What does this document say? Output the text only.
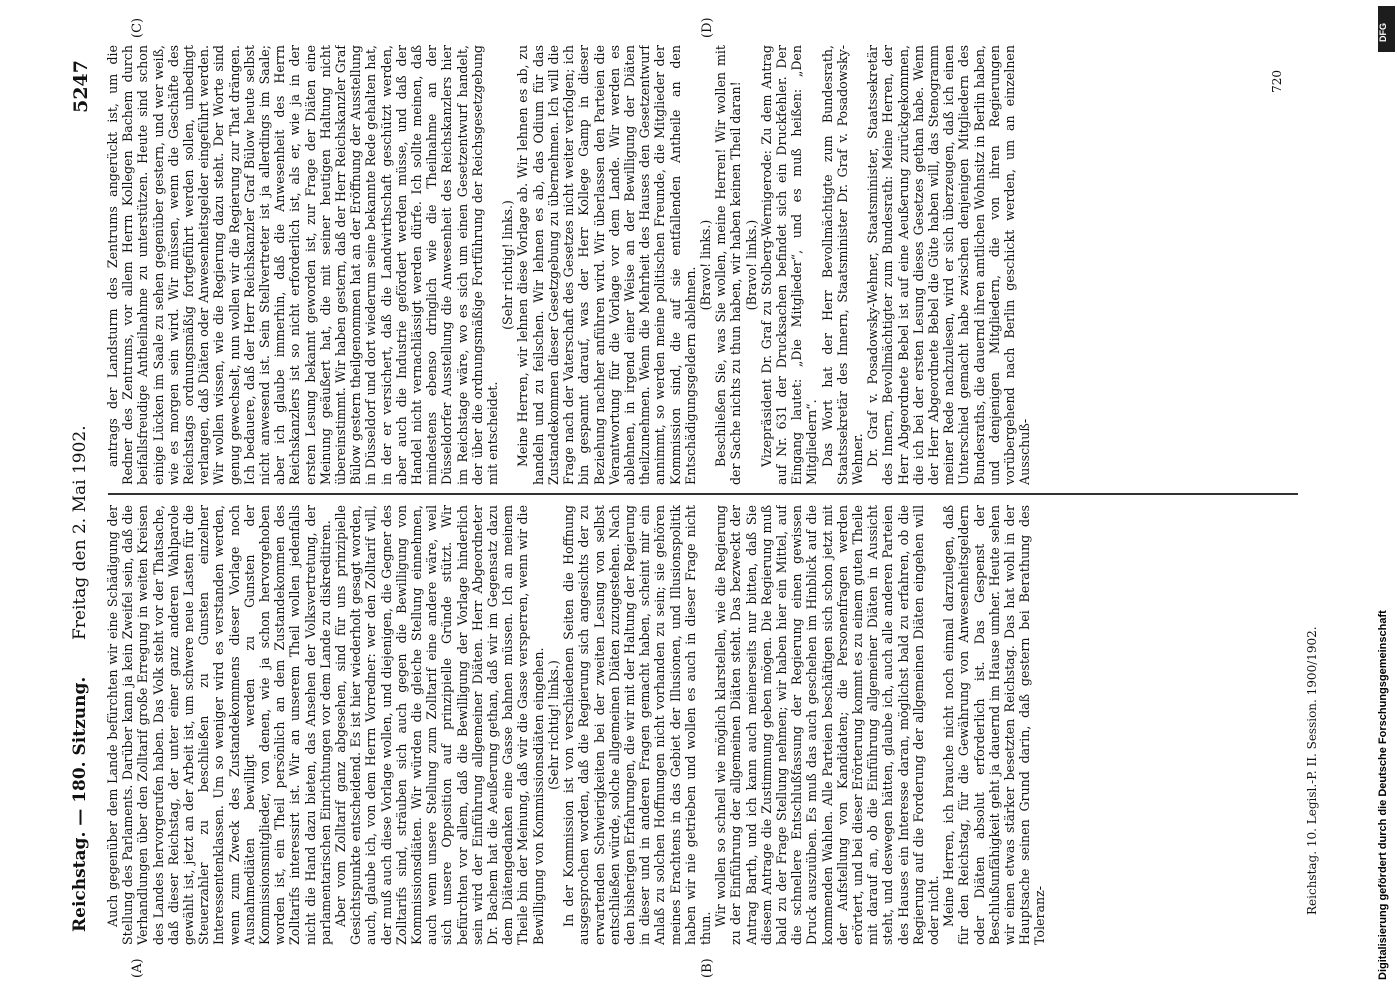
Reichstag. — 180. Sitzung.
Freitag den 2. Mai 1902.
5247
(A)	(B)
(C)	(D)

Auch gegenüber dem Lande befürchten wir eine Schädigung der Stellung des Parlaments. Darüber kann ja kein Zweifel sein, daß die Verhandlungen über den Zolltarif große Erregung in weiten Kreisen des Landes hervorgerufen haben. Das Volk steht vor der Thatsache, daß dieser Reichstag, der unter einer ganz anderen Wahlparole gewählt ist, jetzt an der Arbeit ist, um schwere neue Lasten für die Steuerzahler zu beschließen zu Gunsten einzelner Interessentenklassen. Um so weniger wird es verstanden werden, wenn zum Zweck des Zustandekommens dieser Vorlage noch Ausnahmediäten bewilligt werden zu Gunsten der Kommissionsmitglieder, von denen, wie ja schon hervorgehoben worden ist, ein Theil persönlich an dem Zustandekommen des Zolltarifs interessirt ist. Wir an unserem Theil wollen jedenfalls nicht die Hand dazu bieten, das Ansehen der Volksvertretung, der parlamentarischen Einrichtungen vor dem Lande zu diskreditiren. Aber vom Zolltarif ganz abgesehen, sind für uns prinzipielle Gesichtspunkte entscheidend. Es ist hier wiederholt gesagt worden, auch, glaube ich, von dem Herrn Vorredner: wer den Zolltarif will, der muß auch diese Vorlage wollen, und diejenigen, die Gegner des Zolltarifs sind, sträuben sich auch gegen die Bewilligung von Kommissionsdiäten. Wir würden die gleiche Stellung einnehmen, auch wenn unsere Stellung zum Zolltarif eine andere wäre, weil sich unsere Opposition auf prinzipielle Gründe stützt. Wir befürchten vor allem, daß die Bewilligung der Vorlage hinderlich sein wird der Einführung allgemeiner Diäten. Herr Abgeordneter Dr. Bachem hat die Aeußerung gethan, daß wir im Gegensatz dazu dem Diätengedanken eine Gasse bahnen müssen. Ich an meinem Theile bin der Meinung, daß wir die Gasse versperren, wenn wir die Bewilligung von Kommissionsdiäten eingehen. (Sehr richtig! links.) In der Kommission ist von verschiedenen Seiten die Hoffnung ausgesprochen worden, daß die Regierung sich angesichts der zu erwartenden Schwierigkeiten bei der zweiten Lesung von selbst entschließen würde, solche allgemeinen Diäten zuzugestehen. Nach den bisherigen Erfahrungen, die wir mit der Haltung der Regierung in dieser und in anderen Fragen gemacht haben, scheint mir ein Anlaß zu solchen Hoffnungen nicht vorhanden zu sein; sie gehören meines Erachtens in das Gebiet der Illusionen, und Illusionspolitik haben wir nie getrieben und wollen es auch in dieser Frage nicht thun.

Wir wollen so schnell wie möglich klarstellen, wie die Regierung zu der Einführung der allgemeinen Diäten steht. Das bezweckt der Antrag Barth, und ich kann auch meinerseits nur bitten, daß Sie diesem Antrage die Zustimmung geben mögen. Die Regierung muß bald zu der Frage Stellung nehmen; wir haben hier ein Mittel, auf die schnellere Entschlußfassung der Regierung einen gewissen Druck auszuüben. Es muß das auch geschehen im Hinblick auf die kommenden Wahlen. Alle Parteien beschäftigen sich schon jetzt mit der Aufstellung von Kandidaten; die Personenfragen werden erörtert, und bei dieser Erörterung kommt es zu einem guten Theile mit darauf an, ob die Einführung allgemeiner Diäten in Aussicht steht, und deswegen hätten, glaube ich, auch alle anderen Parteien des Hauses ein Interesse daran, möglichst bald zu erfahren, ob die Regierung auf die Forderung der allgemeinen Diäten eingehen will oder nicht. Meine Herren, ich brauche nicht noch einmal darzulegen, daß für den Reichstag, für die Gewährung von Anwesenheitsgeldern oder Diäten absolut erforderlich ist. Das Gespenst der Beschlußunfähigkeit geht ja dauernd im Hause umher. Heute sehen wir einen etwas stärker besetzten Reichstag. Das hat wohl in der Hauptsache seinen Grund darin, daß gestern bei Berathung des Toleranz-

antrags der Landsturm des Zentrums angerückt ist, um die Redner des Zentrums, vor allem Herrn Kollegen Bachem durch beifallsfreudige Antheilnahme zu unterstützen. Heute sind schon einige Lücken im Saale zu sehen gegenüber gestern, und wer weiß, wie es morgen sein wird. Wir müssen, wenn die Geschäfte des Reichstags ordnungsmäßig fortgeführt werden sollen, unbedingt verlangen, daß Diäten oder Anwesenheitsgelder eingeführt werden. Wir wollen wissen, wie die Regierung dazu steht. Der Worte sind genug gewechselt, nun wollen wir die Regierung zur That drängen. Ich bedauere, daß der Herr Reichskanzler Graf Bülow heute selbst nicht anwesend ist. Sein Stellvertreter ist ja allerdings im Saale; aber ich glaube immerhin, daß die Anwesenheit des Herrn Reichskanzlers ist so nicht erforderlich ist, als er, wie ja in der ersten Lesung bekannt geworden ist, zur Frage der Diäten eine Meinung geäußert hat, die mit seiner heutigen Haltung nicht übereinstimmt. Wir haben gestern, daß der Herr Reichskanzler Graf Bülow gestern theilgenommen hat an der Eröffnung der Ausstellung in Düsseldorf und dort wiederum seine bekannte Rede gehalten hat, in der er versichert, daß die Landwirthschaft geschützt werden, aber auch die Industrie gefördert werden müsse, und daß der Handel nicht vernachlässigt werden dürfe. Ich sollte meinen, daß mindestens ebenso dringlich wie die Theilnahme an der Düsseldorfer Ausstellung die Anwesenheit des Reichskanzlers hier im Reichstage wäre, wo es sich um einen Gesetzentwurf handelt, der über die ordnungsmäßige Fortführung der Reichsgesetzgebung mit entscheidet.

(Sehr richtig! links.) Meine Herren, wir lehnen diese Vorlage ab. Wir lehnen es ab, zu handeln und zu feilschen. Wir lehnen es ab, das Odium für das Zustandekommen dieser Gesetzgebung zu übernehmen. Ich will die Frage nach der Vaterschaft des Gesetzes nicht weiter verfolgen; ich bin gespannt darauf, was der Herr Kollege Gamp in dieser Beziehung nachher anführen wird. Wir überlassen den Parteien die Verantwortung für die Vorlage vor dem Lande. Wir werden es ablehnen, in irgend einer Weise an der Bewilligung der Diäten theilzunehmen. Wenn die Mehrheit des Hauses den Gesetzentwurf annimmt, so werden meine politischen Freunde, die Mitglieder der Kommission sind, die auf sie entfallenden Antheile an den Entschädigungsgeldern ablehnen.

(Bravo! links.) Beschließen Sie, was Sie wollen, meine Herren! Wir wollen mit der Sache nichts zu thun haben, wir haben keinen Theil daran! (Bravo! links.) Vizepräsident Dr. Graf zu Stolberg-Wernigerode: Zu dem Antrag auf Nr. 631 der Drucksachen befindet sich ein Druckfehler. Der Eingang lautet: „Die Mitglieder“, und es muß heißen: „Den Mitgliedern“. Das Wort hat der Herr Bevollmächtigte zum Bundesrath, Staatssekretär des Innern, Staatsminister Dr. Graf v. Posadowsky-Wehner. Dr. Graf v. Posadowsky-Wehner, Staatsminister, Staatssekretär des Innern, Bevollmächtigter zum Bundesrath: Meine Herren, der Herr Abgeordnete Bebel ist auf eine Aeußerung zurückgekommen, die ich bei der ersten Lesung dieses Gesetzes gethan habe. Wenn der Herr Abgeordnete Bebel die Güte haben will, das Stenogramm meiner Rede nachzulesen, wird er sich überzeugen, daß ich einen Unterschied gemacht habe zwischen denjenigen Mitgliedern des Bundesraths, die dauernd ihren amtlichen Wohnsitz in Berlin haben, und denjenigen Mitgliedern, die von ihren Regierungen vorübergehend nach Berlin geschickt werden, um an einzelnen Ausschuß-

Reichstag. 10. Legisl.-P. II. Session. 1900/1902.
720
DFG
Digitalisierung gefördert durch die Deutsche Forschungsgemeinschaft
